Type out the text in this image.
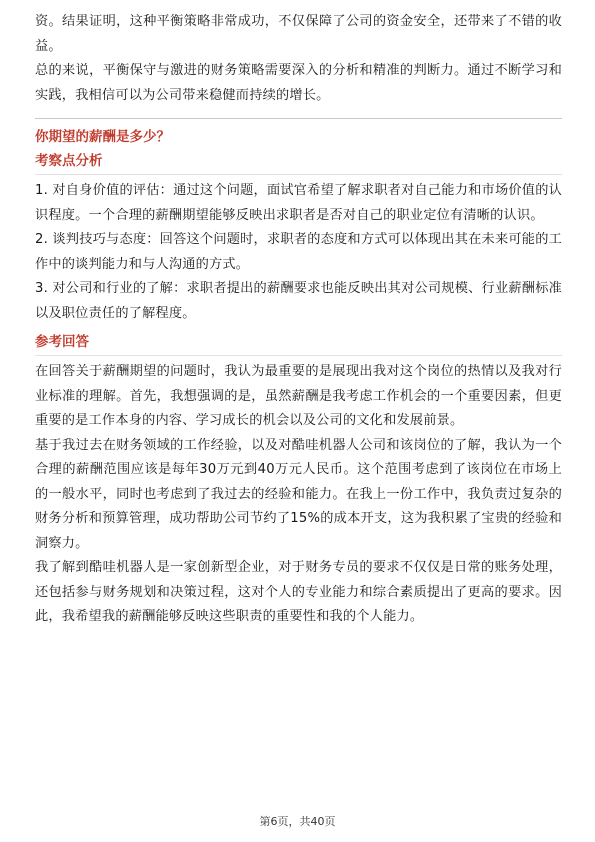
资。结果证明，这种平衡策略非常成功，不仅保障了公司的资金安全，还带来了不错的收益。

总的来说，平衡保守与激进的财务策略需要深入的分析和精准的判断力。通过不断学习和实践，我相信可以为公司带来稳健而持续的增长。

你期望的薪酬是多少？

考察点分析

1. 对自身价值的评估：通过这个问题，面试官希望了解求职者对自己能力和市场价值的认识程度。一个合理的薪酬期望能够反映出求职者是否对自己的职业定位有清晰的认识。

2. 谈判技巧与态度：回答这个问题时，求职者的态度和方式可以体现出其在未来可能的工作中的谈判能力和与人沟通的方式。

3. 对公司和行业的了解：求职者提出的薪酬要求也能反映出其对公司规模、行业薪酬标准以及职位责任的了解程度。

参考回答

在回答关于薪酬期望的问题时，我认为最重要的是展现出我对这个岗位的热情以及我对行业标准的理解。首先，我想强调的是，虽然薪酬是我考虑工作机会的一个重要因素，但更重要的是工作本身的内容、学习成长的机会以及公司的文化和发展前景。

基于我过去在财务领域的工作经验，以及对酷哇机器人公司和该岗位的了解，我认为一个合理的薪酬范围应该是每年30万元到40万元人民币。这个范围考虑到了该岗位在市场上的一般水平，同时也考虑到了我过去的经验和能力。在我上一份工作中，我负责过复杂的财务分析和预算管理，成功帮助公司节约了15%的成本开支，这为我积累了宝贵的经验和洞察力。

我了解到酷哇机器人是一家创新型企业，对于财务专员的要求不仅仅是日常的账务处理，还包括参与财务规划和决策过程，这对个人的专业能力和综合素质提出了更高的要求。因此，我希望我的薪酬能够反映这些职责的重要性和我的个人能力。

第6页，共40页
